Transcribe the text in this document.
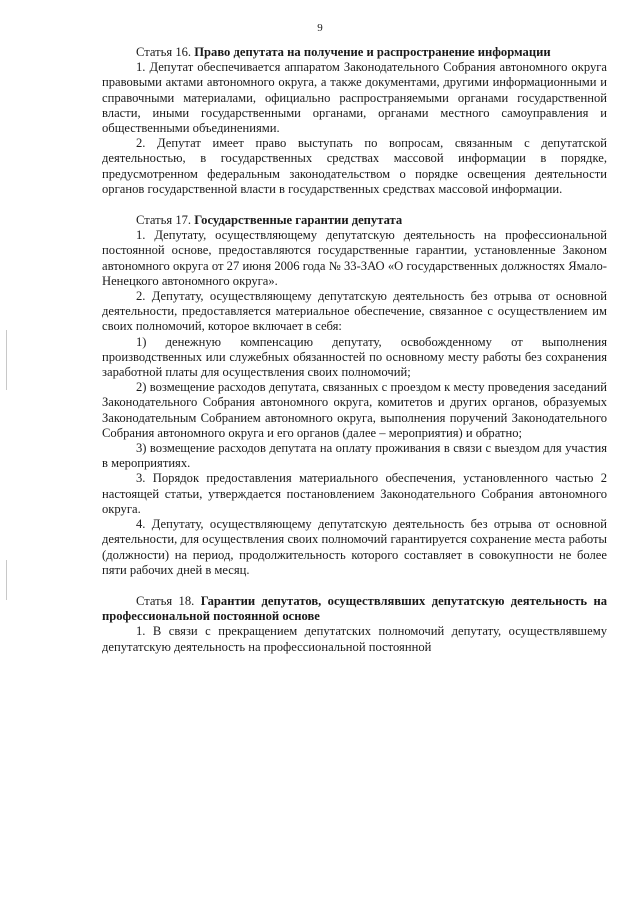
9

Статья 16. Право депутата на получение и распространение информации

1. Депутат обеспечивается аппаратом Законодательного Собрания автономного округа правовыми актами автономного округа, а также документами, другими информационными и справочными материалами, официально распространяемыми органами государственной власти, иными государственными органами, органами местного самоуправления и общественными объединениями.

2. Депутат имеет право выступать по вопросам, связанным с депутатской деятельностью, в государственных средствах массовой информации в порядке, предусмотренном федеральным законодательством о порядке освещения деятельности органов государственной власти в государственных средствах массовой информации.

Статья 17. Государственные гарантии депутата

1. Депутату, осуществляющему депутатскую деятельность на профессиональной постоянной основе, предоставляются государственные гарантии, установленные Законом автономного округа от 27 июня 2006 года № 33-ЗАО «О государственных должностях Ямало-Ненецкого автономного округа».

2. Депутату, осуществляющему депутатскую деятельность без отрыва от основной деятельности, предоставляется материальное обеспечение, связанное с осуществлением им своих полномочий, которое включает в себя:

1) денежную компенсацию депутату, освобожденному от выполнения производственных или служебных обязанностей по основному месту работы без сохранения заработной платы для осуществления своих полномочий;

2) возмещение расходов депутата, связанных с проездом к месту проведения заседаний Законодательного Собрания автономного округа, комитетов и других органов, образуемых Законодательным Собранием автономного округа, выполнения поручений Законодательного Собрания автономного округа и его органов (далее – мероприятия) и обратно;

3) возмещение расходов депутата на оплату проживания в связи с выездом для участия в мероприятиях.

3. Порядок предоставления материального обеспечения, установленного частью 2 настоящей статьи, утверждается постановлением Законодательного Собрания автономного округа.

4. Депутату, осуществляющему депутатскую деятельность без отрыва от основной деятельности, для осуществления своих полномочий гарантируется сохранение места работы (должности) на период, продолжительность которого составляет в совокупности не более пяти рабочих дней в месяц.

Статья 18. Гарантии депутатов, осуществлявших депутатскую деятельность на профессиональной постоянной основе

1. В связи с прекращением депутатских полномочий депутату, осуществлявшему депутатскую деятельность на профессиональной постоянной
